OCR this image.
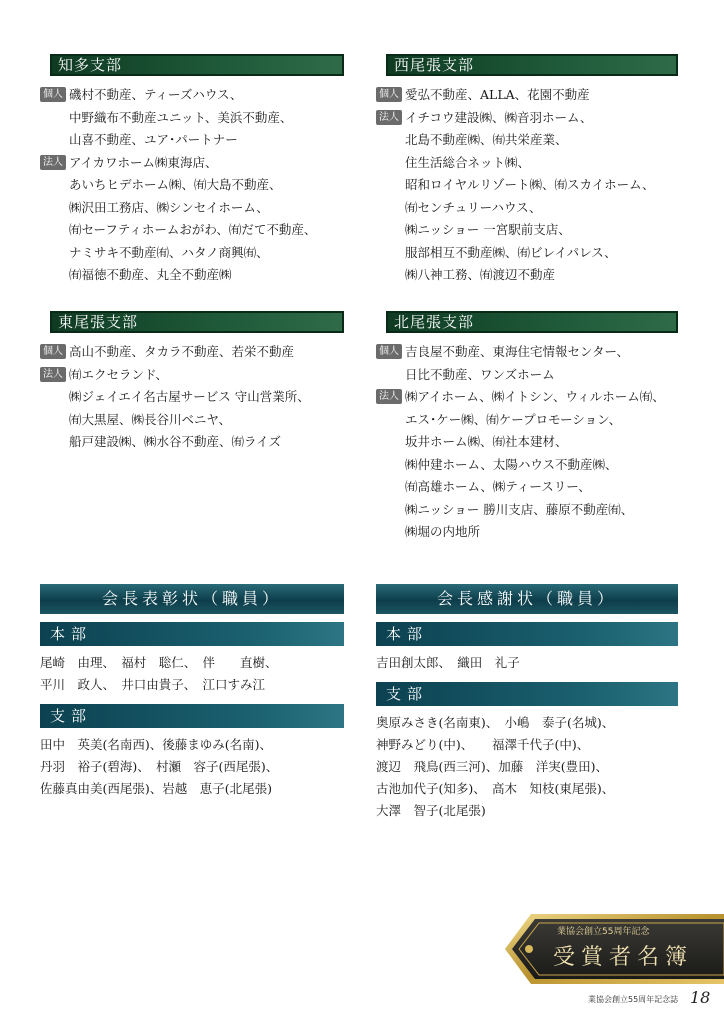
知多支部
個人 磯村不動産、ティーズハウス、
中野織布不動産ユニット、美浜不動産、
山喜不動産、ユア･パートナー
法人 アイカワホーム㈱東海店、
あいちヒデホーム㈱、㈲大島不動産、
㈱沢田工務店、㈱シンセイホーム、
㈲セーフティホームおがわ、㈲だて不動産、
ナミサキ不動産㈲、ハタノ商興㈲、
㈲福徳不動産、丸全不動産㈱
西尾張支部
個人 愛弘不動産、ALLA、花園不動産
法人 イチコウ建設㈱、㈱音羽ホーム、
北島不動産㈱、㈲共栄産業、
住生活総合ネット㈱、
昭和ロイヤルリゾート㈱、㈲スカイホーム、
㈲センチュリーハウス、
㈱ニッショー 一宮駅前支店、
服部相互不動産㈱、㈲ビレイパレス、
㈱八神工務、㈲渡辺不動産
東尾張支部
個人 高山不動産、タカラ不動産、若栄不動産
法人 ㈲エクセランド、
㈱ジェイエイ名古屋サービス 守山営業所、
㈲大黒屋、㈱長谷川ベニヤ、
船戸建設㈱、㈱水谷不動産、㈲ライズ
北尾張支部
個人 吉良屋不動産、東海住宅情報センター、
日比不動産、ワンズホーム
法人 ㈱アイホーム、㈱イトシン、ウィルホーム㈲、
エス･ケー㈱、㈲ケープロモーション、
坂井ホーム㈱、㈲社本建材、
㈱仲建ホーム、太陽ハウス不動産㈱、
㈲高雄ホーム、㈱ティースリー、
㈱ニッショー 勝川支店、藤原不動産㈲、
㈱堀の内地所
会長表彰状（職員）
本部
尾崎　由理、　福村　聡仁、　伴　　直樹、
平川　政人、　井口由貴子、　江口すみ江
支部
田中　英美(名南西)、後藤まゆみ(名南)、
丹羽　裕子(碧海)、　村瀬　容子(西尾張)、
佐藤真由美(西尾張)、岩越　恵子(北尾張)
会長感謝状（職員）
本部
吉田創太郎、　織田　礼子
支部
奥原みさき(名南東)、　小嶋　泰子(名城)、
神野みどり(中)、　　福澤千代子(中)、
渡辺　飛鳥(西三河)、加藤　洋実(豊田)、
古池加代子(知多)、　高木　知枝(東尾張)、
大澤　智子(北尾張)
業協会創立55周年記念
受賞者名簿
業協会創立55周年記念誌 18
